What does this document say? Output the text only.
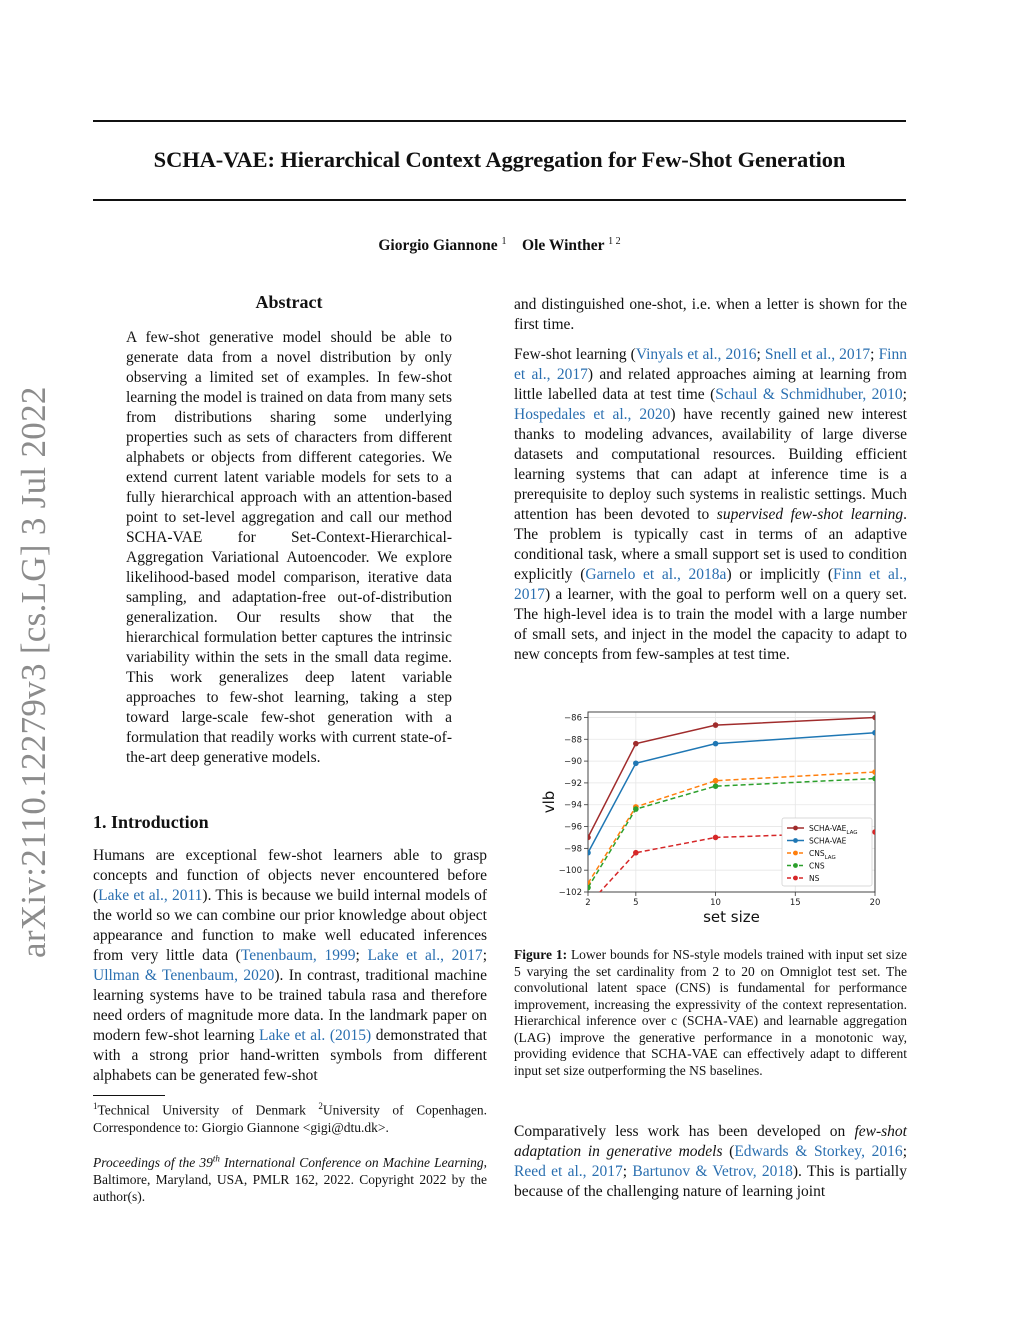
SCHA-VAE: Hierarchical Context Aggregation for Few-Shot Generation
Giorgio Giannone $^1$ Ole Winther $^{1 2}$
arXiv:2110.12279v3 [cs.LG] 3 Jul 2022
Abstract

A few-shot generative model should be able to generate data from a novel distribution by only observing a limited set of examples. In few-shot learning the model is trained on data from many sets from distributions sharing some underlying properties such as sets of characters from different alphabets or objects from different categories. We extend current latent variable models for sets to a fully hierarchical approach with an attention-based point to set-level aggregation and call our method SCHA-VAE for Set-Context-Hierarchical-Aggregation Variational Autoencoder. We explore likelihood-based model comparison, iterative data sampling, and adaptation-free out-of-distribution generalization. Our results show that the hierarchical formulation better captures the intrinsic variability within the sets in the small data regime. This work generalizes deep latent variable approaches to few-shot learning, taking a step toward large-scale few-shot generation with a formulation that readily works with current state-of-the-art deep generative models.

1. Introduction

Humans are exceptional few-shot learners able to grasp concepts and function of objects never encountered before (Lake et al., 2011). This is because we build internal models of the world so we can combine our prior knowledge about object appearance and function to make well educated inferences from very little data (Tenenbaum, 1999; Lake et al., 2017; Ullman & Tenenbaum, 2020). In contrast, traditional machine learning systems have to be trained tabula rasa and therefore need orders of magnitude more data. In the landmark paper on modern few-shot learning Lake et al. (2015) demonstrated that with a strong prior hand-written symbols from different alphabets can be generated few-shot

$^1$Technical University of Denmark $^2$University of Copenhagen. Correspondence to: Giorgio Giannone <gigi@dtu.dk>.
Proceedings of the 39th International Conference on Machine Learning, Baltimore, Maryland, USA, PMLR 162, 2022. Copyright 2022 by the author(s).

and distinguished one-shot, i.e. when a letter is shown for the first time.

Few-shot learning (Vinyals et al., 2016; Snell et al., 2017; Finn et al., 2017) and related approaches aiming at learning from little labelled data at test time (Schaul & Schmidhuber, 2010; Hospedales et al., 2020) have recently gained new interest thanks to modeling advances, availability of large diverse datasets and computational resources. Building efficient learning systems that can adapt at inference time is a prerequisite to deploy such systems in realistic settings. Much attention has been devoted to supervised few-shot learning. The problem is typically cast in terms of an adaptive conditional task, where a small support set is used to condition explicitly (Garnelo et al., 2018a) or implicitly (Finn et al., 2017) a learner, with the goal to perform well on a query set. The high-level idea is to train the model with a large number of small sets, and inject in the model the capacity to adapt to new concepts from few-samples at test time.

−86
−88
−90
−92
−94
−96
−98
−100
−102
2	5	10	15	20
set size
vlb
SCHA-$VAE_{LAG}$
SCHA-VAE
$CNS_{LAG}$
CNS
NS
Figure 1: Lower bounds for NS-style models trained with input set size 5 varying the set cardinality from 2 to 20 on Omniglot test set. The convolutional latent space (CNS) is fundamental for performance improvement, increasing the expressivity of the context representation. Hierarchical inference over c (SCHA-VAE) and learnable aggregation (LAG) improve the generative performance in a monotonic way, providing evidence that SCHA-VAE can effectively adapt to different input set size outperforming the NS baselines.

Comparatively less work has been developed on few-shot adaptation in generative models (Edwards & Storkey, 2016; Reed et al., 2017; Bartunov & Vetrov, 2018). This is partially because of the challenging nature of learning joint
